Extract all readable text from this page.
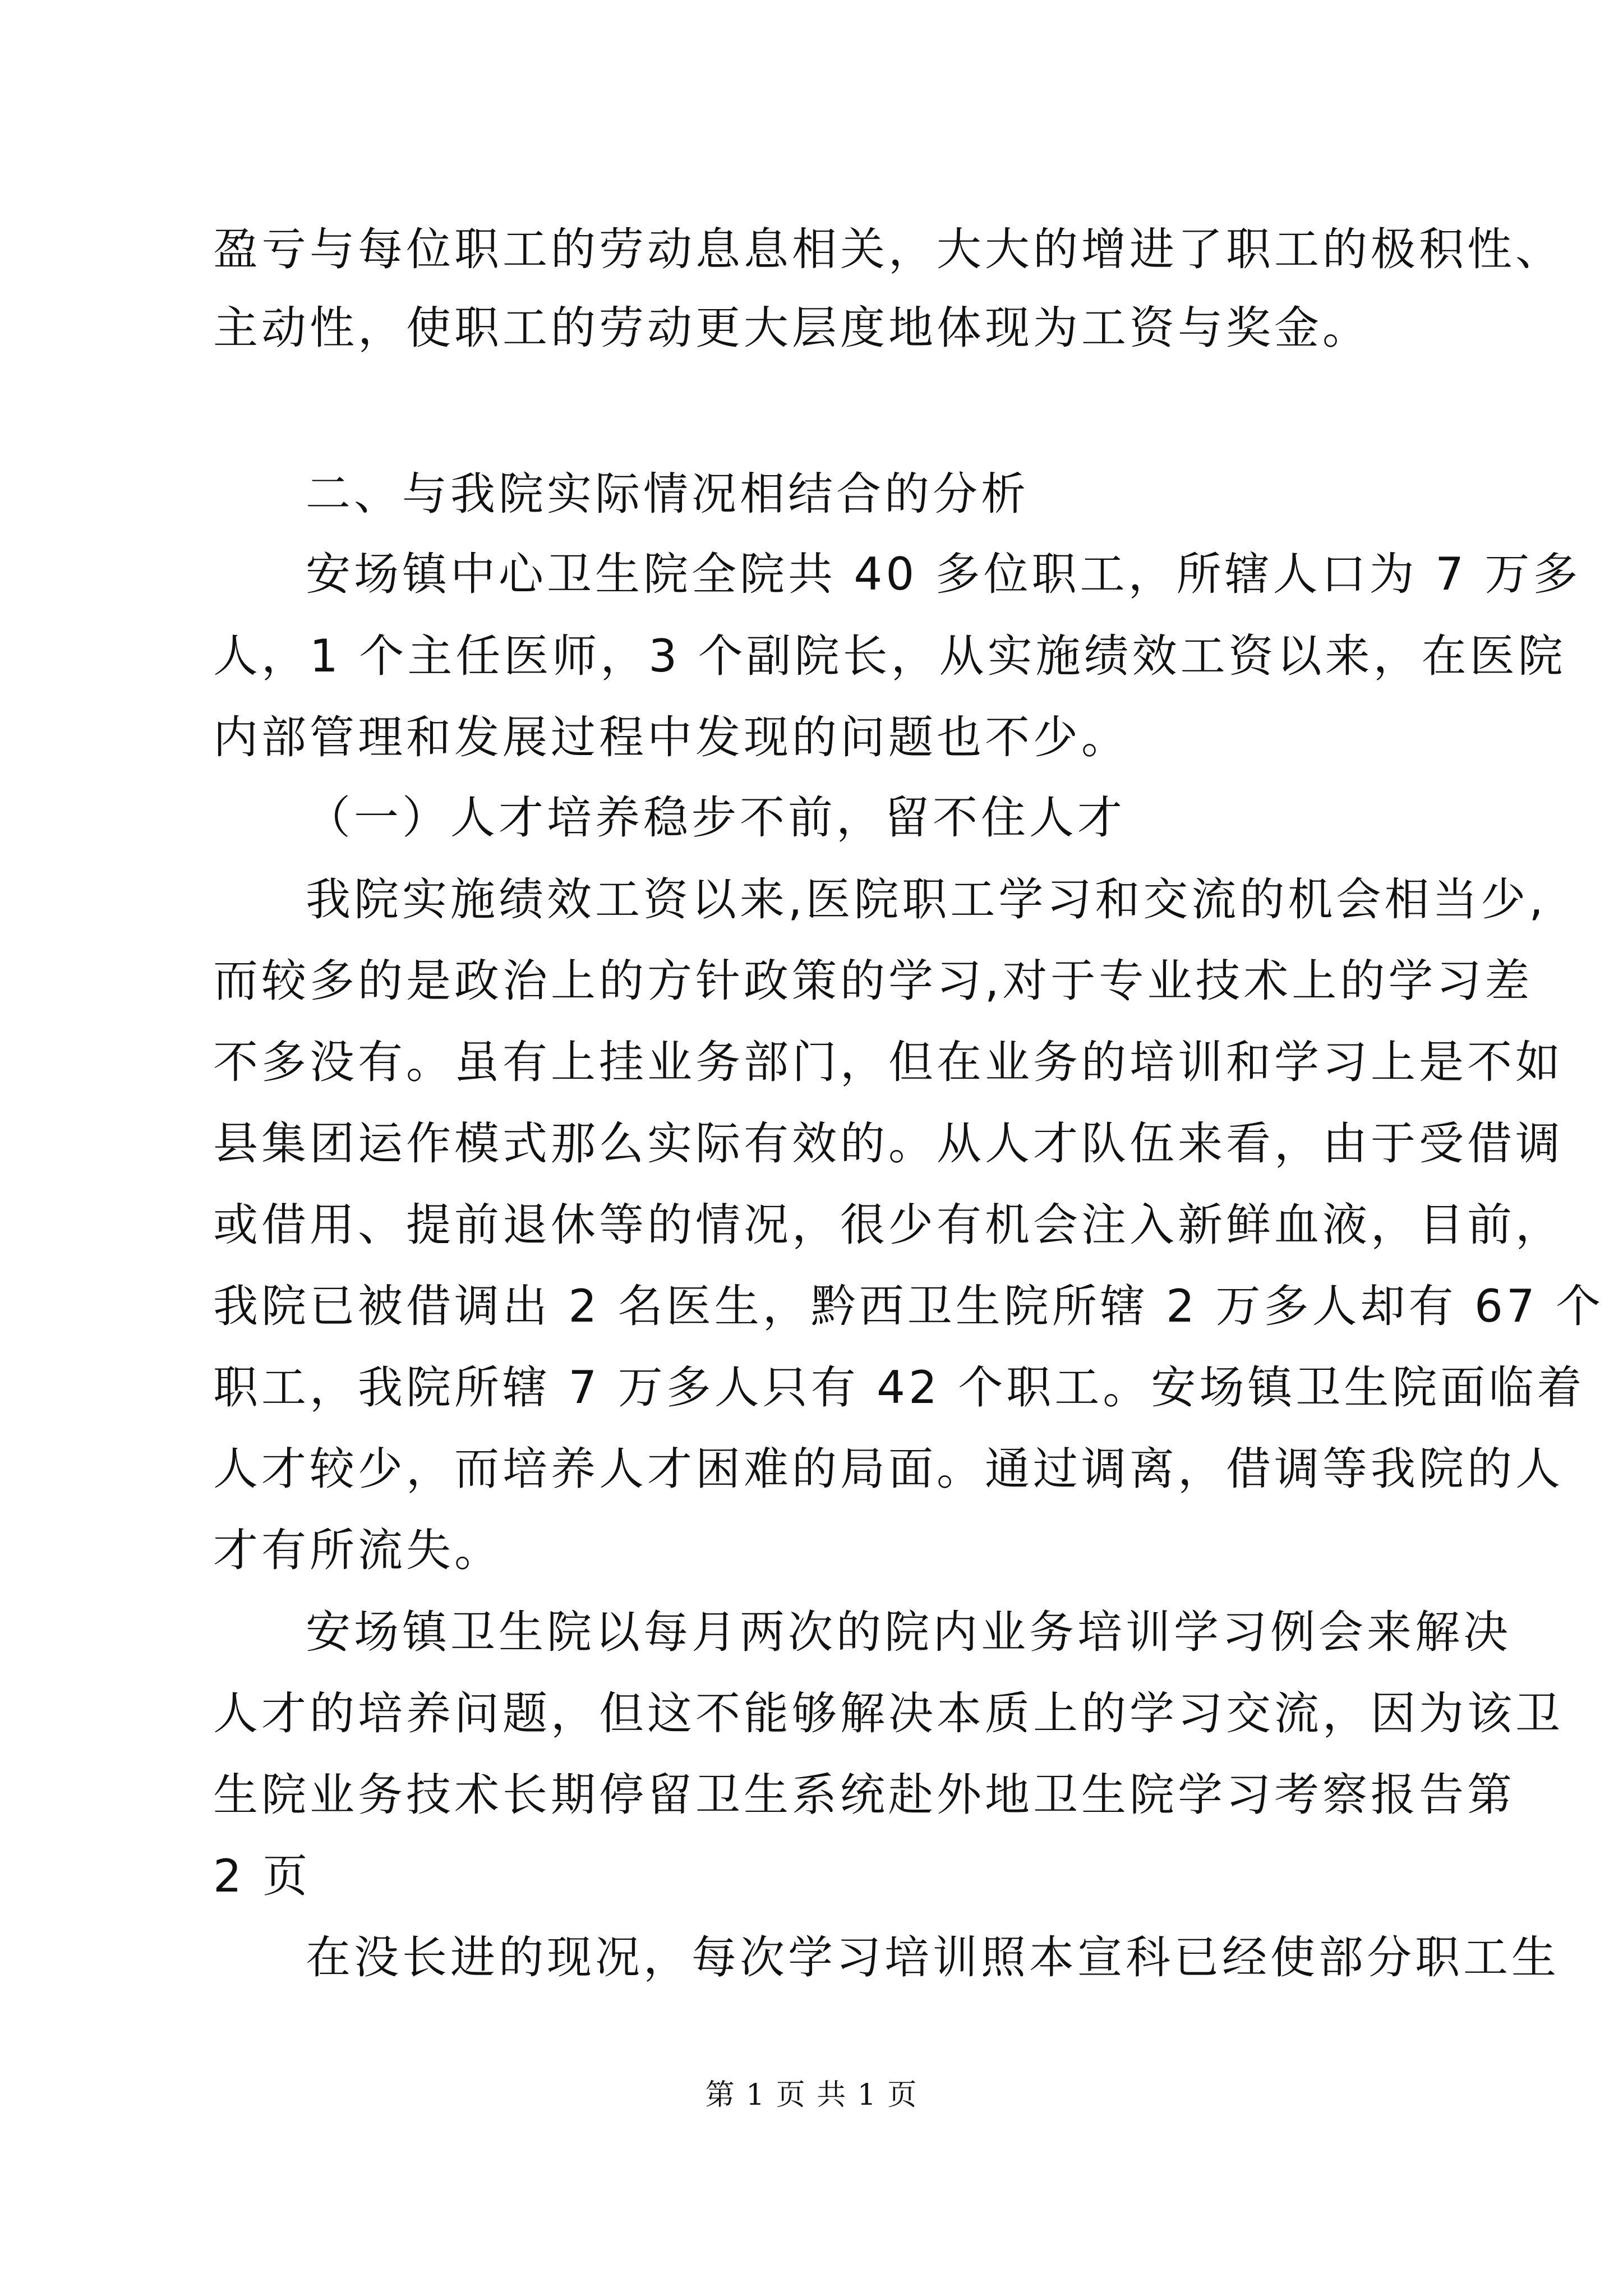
盈亏与每位职工的劳动息息相关，大大的增进了职工的极积性、

主动性，使职工的劳动更大层度地体现为工资与奖金。

二、与我院实际情况相结合的分析

安场镇中心卫生院全院共 40 多位职工，所辖人口为 7 万多

人，1 个主任医师，3 个副院长，从实施绩效工资以来，在医院

内部管理和发展过程中发现的问题也不少。

（一）人才培养稳步不前，留不住人才

我院实施绩效工资以来,医院职工学习和交流的机会相当少,

而较多的是政治上的方针政策的学习,对于专业技术上的学习差

不多没有。虽有上挂业务部门，但在业务的培训和学习上是不如

县集团运作模式那么实际有效的。从人才队伍来看，由于受借调

或借用、提前退休等的情况，很少有机会注入新鲜血液，目前，

我院已被借调出 2 名医生，黔西卫生院所辖 2 万多人却有 67 个

职工，我院所辖 7 万多人只有 42 个职工。安场镇卫生院面临着

人才较少，而培养人才困难的局面。通过调离，借调等我院的人

才有所流失。

安场镇卫生院以每月两次的院内业务培训学习例会来解决

人才的培养问题，但这不能够解决本质上的学习交流，因为该卫

生院业务技术长期停留卫生系统赴外地卫生院学习考察报告第

2 页

在没长进的现况，每次学习培训照本宣科已经使部分职工生

第 1 页 共 1 页
